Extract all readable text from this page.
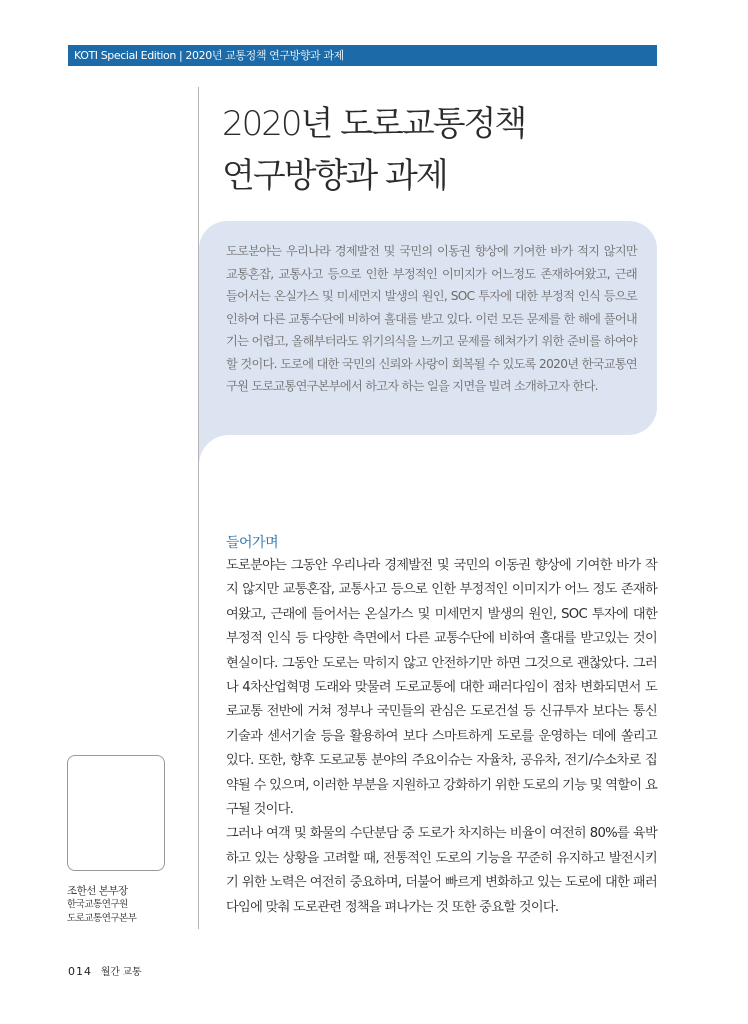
KOTI Special Edition | 2020년 교통정책 연구방향과 과제
2020년 도로교통정책
연구방향과 과제

도로분야는 우리나라 경제발전 및 국민의 이동권 향상에 기여한 바가 적지 않지만 교통혼잡, 교통사고 등으로 인한 부정적인 이미지가 어느정도 존재하여왔고, 근래 들어서는 온실가스 및 미세먼지 발생의 원인, SOC 투자에 대한 부정적 인식 등으로 인하여 다른 교통수단에 비하여 홀대를 받고 있다. 이런 모든 문제를 한 해에 풀어내기는 어렵고, 올해부터라도 위기의식을 느끼고 문제를 헤쳐가기 위한 준비를 하여야 할 것이다. 도로에 대한 국민의 신뢰와 사랑이 회복될 수 있도록 2020년 한국교통연구원 도로교통연구본부에서 하고자 하는 일을 지면을 빌려 소개하고자 한다.

들어가며

도로분야는 그동안 우리나라 경제발전 및 국민의 이동권 향상에 기여한 바가 작지 않지만 교통혼잡, 교통사고 등으로 인한 부정적인 이미지가 어느 정도 존재하여왔고, 근래에 들어서는 온실가스 및 미세먼지 발생의 원인, SOC 투자에 대한 부정적 인식 등 다양한 측면에서 다른 교통수단에 비하여 홀대를 받고있는 것이 현실이다. 그동안 도로는 막히지 않고 안전하기만 하면 그것으로 괜찮았다. 그러나 4차산업혁명 도래와 맞물려 도로교통에 대한 패러다임이 점차 변화되면서 도로교통 전반에 거쳐 정부나 국민들의 관심은 도로건설 등 신규투자 보다는 통신기술과 센서기술 등을 활용하여 보다 스마트하게 도로를 운영하는 데에 쏠리고 있다. 또한, 향후 도로교통 분야의 주요이슈는 자율차, 공유차, 전기/수소차로 집약될 수 있으며, 이러한 부분을 지원하고 강화하기 위한 도로의 기능 및 역할이 요구될 것이다.

그러나 여객 및 화물의 수단분담 중 도로가 차지하는 비율이 여전히 80%를 육박하고 있는 상황을 고려할 때, 전통적인 도로의 기능을 꾸준히 유지하고 발전시키기 위한 노력은 여전히 중요하며, 더불어 빠르게 변화하고 있는 도로에 대한 패러다임에 맞춰 도로관련 정책을 펴나가는 것 또한 중요할 것이다.

조한선 본부장
한국교통연구원
도로교통연구본부
014 월간 교통
